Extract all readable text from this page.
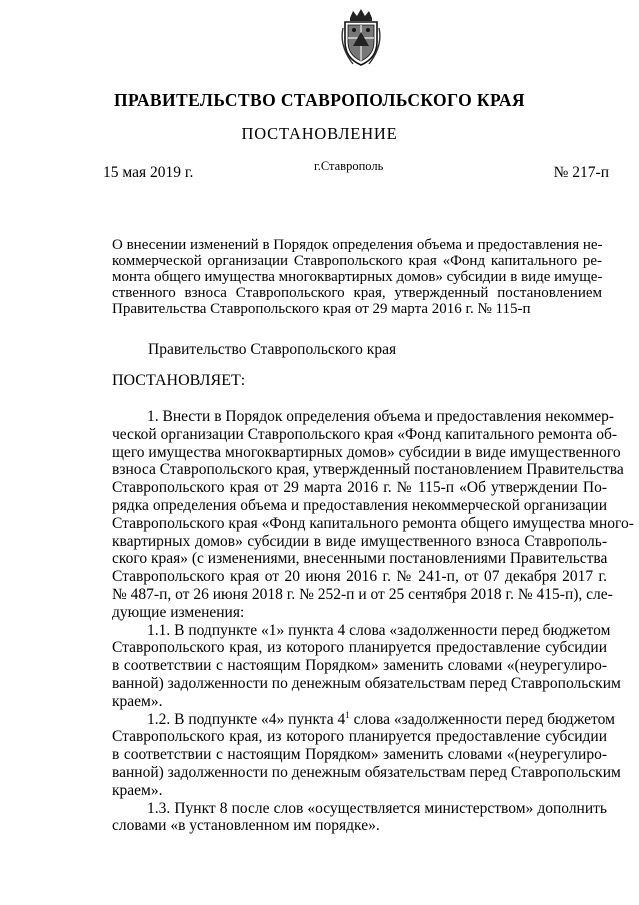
ПРАВИТЕЛЬСТВО СТАВРОПОЛЬСКОГО КРАЯ
ПОСТАНОВЛЕНИЕ
15 мая 2019 г.	г.Ставрополь	№ 217-п
О внесении изменений в Порядок определения объема и предоставления не-
коммерческой организации Ставропольского края «Фонд капитального ре-
монта общего имущества многоквартирных домов» субсидии в виде имуще-
ственного взноса Ставропольского края, утвержденный постановлением
Правительства Ставропольского края от 29 марта 2016 г. № 115-п
Правительство Ставропольского края
ПОСТАНОВЛЯЕТ:
1. Внести в Порядок определения объема и предоставления некоммер-
ческой организации Ставропольского края «Фонд капитального ремонта об-
щего имущества многоквартирных домов» субсидии в виде имущественного
взноса Ставропольского края, утвержденный постановлением Правительства
Ставропольского края от 29 марта 2016 г. № 115-п «Об утверждении По-
рядка определения объема и предоставления некоммерческой организации
Ставропольского края «Фонд капитального ремонта общего имущества много-
квартирных домов» субсидии в виде имущественного взноса Ставрополь-
ского края» (с изменениями, внесенными постановлениями Правительства
Ставропольского края от 20 июня 2016 г. № 241-п, от 07 декабря 2017 г.
№ 487-п, от 26 июня 2018 г. № 252-п и от 25 сентября 2018 г. № 415-п), сле-
дующие изменения:
1.1. В подпункте «1» пункта 4 слова «задолженности перед бюджетом
Ставропольского края, из которого планируется предоставление субсидии
в соответствии с настоящим Порядком» заменить словами «(неурегулиро-
ванной) задолженности по денежным обязательствам перед Ставропольским
краем».
1.2. В подпункте «4» пункта $4^1$ слова «задолженности перед бюджетом
Ставропольского края, из которого планируется предоставление субсидии
в соответствии с настоящим Порядком» заменить словами «(неурегулиро-
ванной) задолженности по денежным обязательствам перед Ставропольским
краем».
1.3. Пункт 8 после слов «осуществляется министерством» дополнить
словами «в установленном им порядке».
